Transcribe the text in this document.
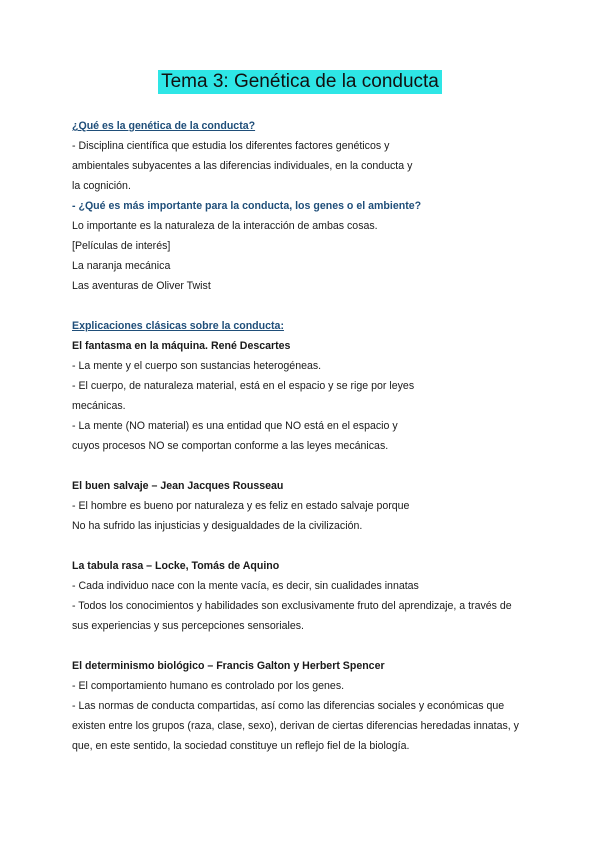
Tema 3: Genética de la conducta
¿Qué es la genética de la conducta?
- Disciplina científica que estudia los diferentes factores genéticos y
ambientales subyacentes a las diferencias individuales, en la conducta y
la cognición.
- ¿Qué es más importante para la conducta, los genes o el ambiente?
Lo importante es la naturaleza de la interacción de ambas cosas.
[Películas de interés]
La naranja mecánica
Las aventuras de Oliver Twist
Explicaciones clásicas sobre la conducta:
El fantasma en la máquina. René Descartes
- La mente y el cuerpo son sustancias heterogéneas.
- El cuerpo, de naturaleza material, está en el espacio y se rige por leyes
mecánicas.
- La mente (NO material) es una entidad que NO está en el espacio y
cuyos procesos NO se comportan conforme a las leyes mecánicas.
El buen salvaje – Jean Jacques Rousseau
- El hombre es bueno por naturaleza y es feliz en estado salvaje porque
No ha sufrido las injusticias y desigualdades de la civilización.
La tabula rasa – Locke, Tomás de Aquino
- Cada individuo nace con la mente vacía, es decir, sin cualidades innatas
- Todos los conocimientos y habilidades son exclusivamente fruto del aprendizaje, a través de
sus experiencias y sus percepciones sensoriales.
El determinismo biológico – Francis Galton y Herbert Spencer
- El comportamiento humano es controlado por los genes.
- Las normas de conducta compartidas, así como las diferencias sociales y económicas que
existen entre los grupos (raza, clase, sexo), derivan de ciertas diferencias heredadas innatas, y
que, en este sentido, la sociedad constituye un reflejo fiel de la biología.
